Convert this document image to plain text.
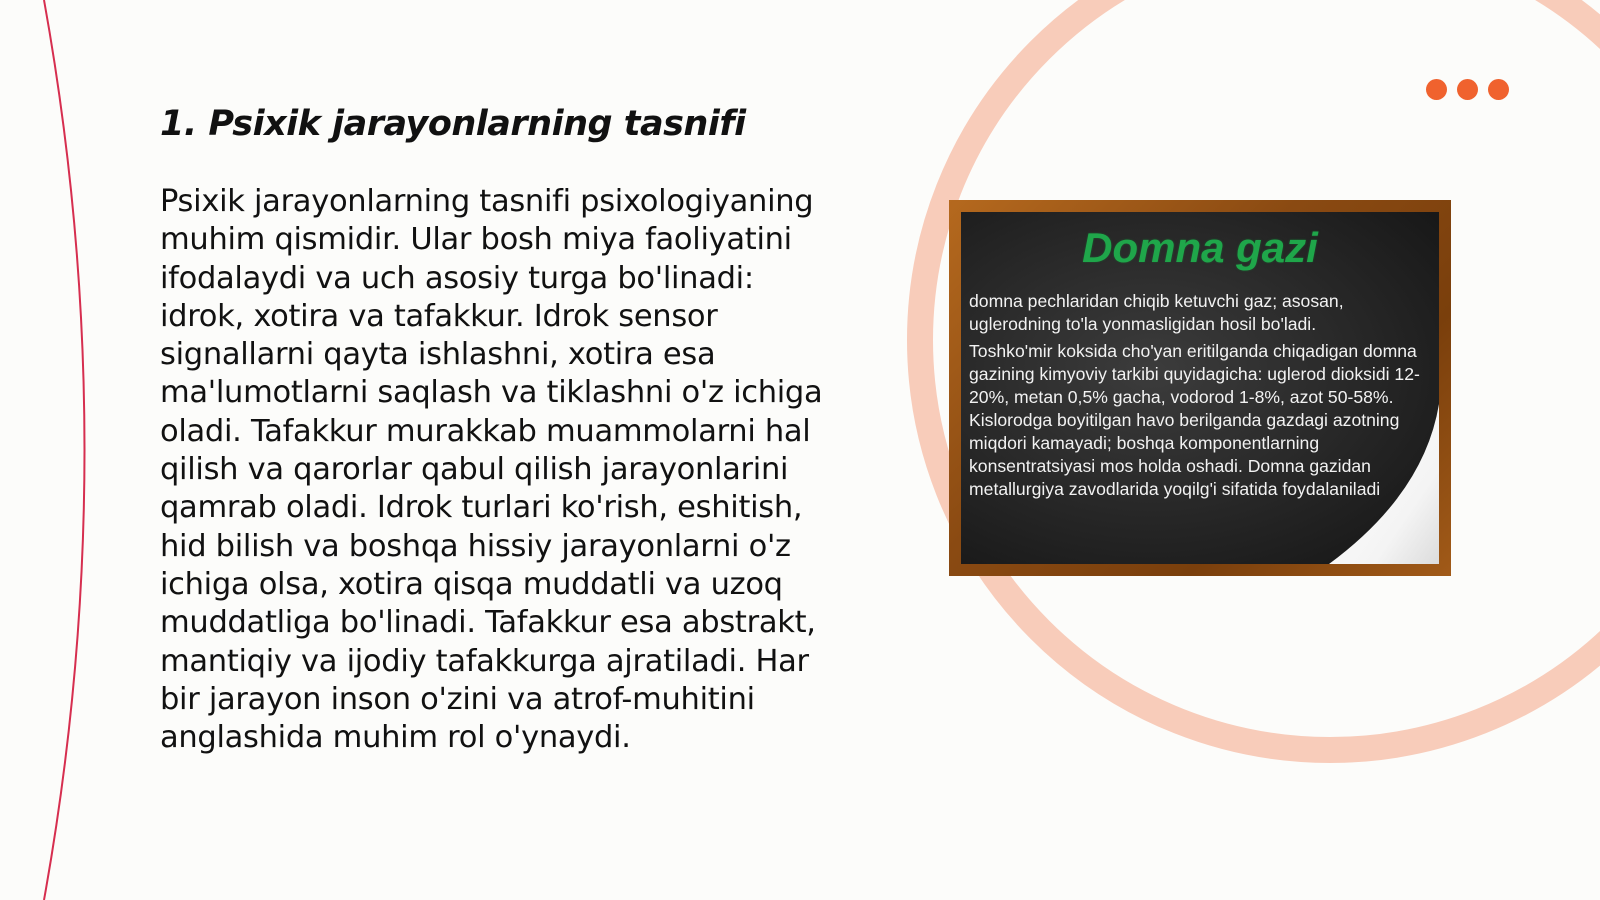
1. Psixik jarayonlarning tasnifi

Psixik jarayonlarning tasnifi psixologiyaning muhim qismidir. Ular bosh miya faoliyatini ifodalaydi va uch asosiy turga bo'linadi: idrok, xotira va tafakkur. Idrok sensor signallarni qayta ishlashni, xotira esa ma'lumotlarni saqlash va tiklashni o'z ichiga oladi. Tafakkur murakkab muammolarni hal qilish va qarorlar qabul qilish jarayonlarini qamrab oladi. Idrok turlari ko'rish, eshitish, hid bilish va boshqa hissiy jarayonlarni o'z ichiga olsa, xotira qisqa muddatli va uzoq muddatliga bo'linadi. Tafakkur esa abstrakt, mantiqiy va ijodiy tafakkurga ajratiladi. Har bir jarayon inson o'zini va atrof-muhitini anglashida muhim rol o'ynaydi.

Domna gazi

domna pechlaridan chiqib ketuvchi gaz; asosan, uglerodning to'la yonmasligidan hosil bo'ladi.

Toshko'mir koksida cho'yan eritilganda chiqadigan domna gazining kimyoviy tarkibi quyidagicha: uglerod dioksidi 12-20%, metan 0,5% gacha, vodorod 1-8%, azot 50-58%. Kislorodga boyitilgan havo berilganda gazdagi azotning miqdori kamayadi; boshqa komponentlarning konsentratsiyasi mos holda oshadi. Domna gazidan metallurgiya zavodlarida yoqilg'i sifatida foydalaniladi
